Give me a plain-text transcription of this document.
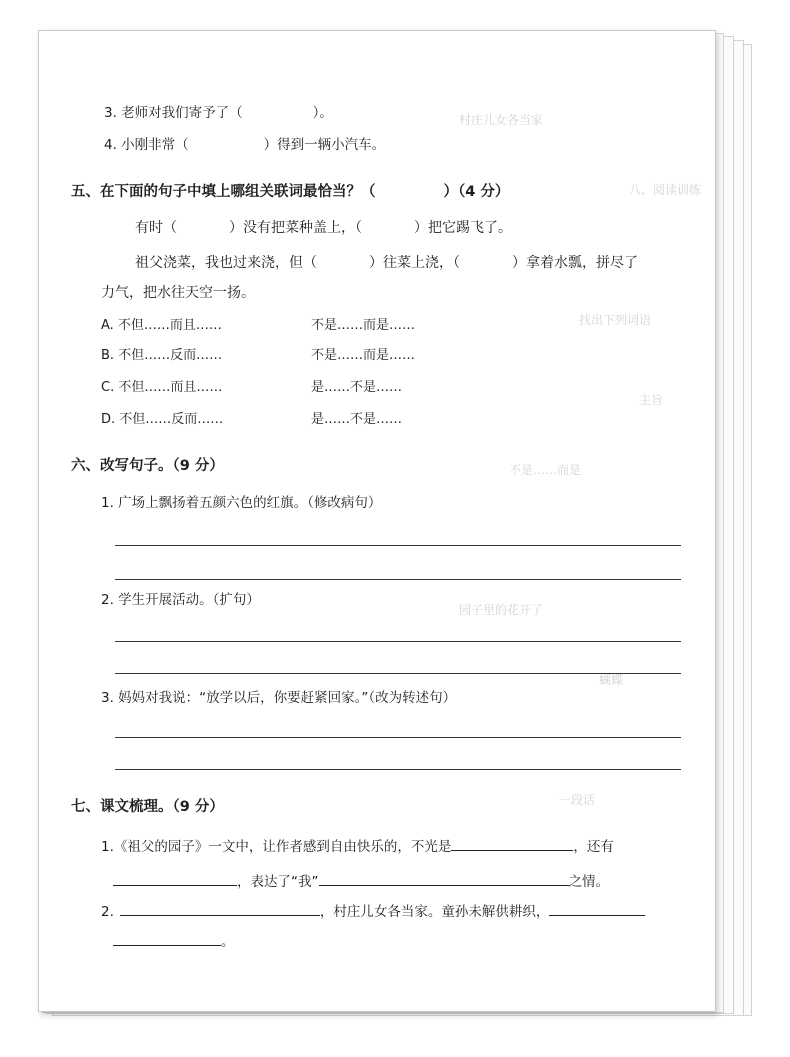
村庄儿女各当家
八、阅读训练
找出下列词语
主旨
不是……而是
园子里的花开了
蝴蝶
一段话
3. 老师对我们寄予了（	）。
4. 小刚非常（	）得到一辆小汽车。
五、在下面的句子中填上哪组关联词最恰当？（	）（4 分）
有时（	）没有把菜种盖上，（	）把它踢飞了。
祖父浇菜，我也过来浇，但（	）往菜上浇，（	）拿着水瓢，拼尽了
力气，把水往天空一扬。
A. 不但……而且……	不是……而是……
B. 不但……反而……	不是……而是……
C. 不但……而且……	是……不是……
D. 不但……反而……	是……不是……
六、改写句子。（9 分）
1. 广场上飘扬着五颜六色的红旗。（修改病句）
2. 学生开展活动。（扩句）
3. 妈妈对我说：“放学以后，你要赶紧回家。”（改为转述句）
七、课文梳理。（9 分）
1.《祖父的园子》一文中，让作者感到自由快乐的，不光是	，还有
，表达了“我”	之情。
2.	，村庄儿女各当家。童孙未解供耕织，
。
